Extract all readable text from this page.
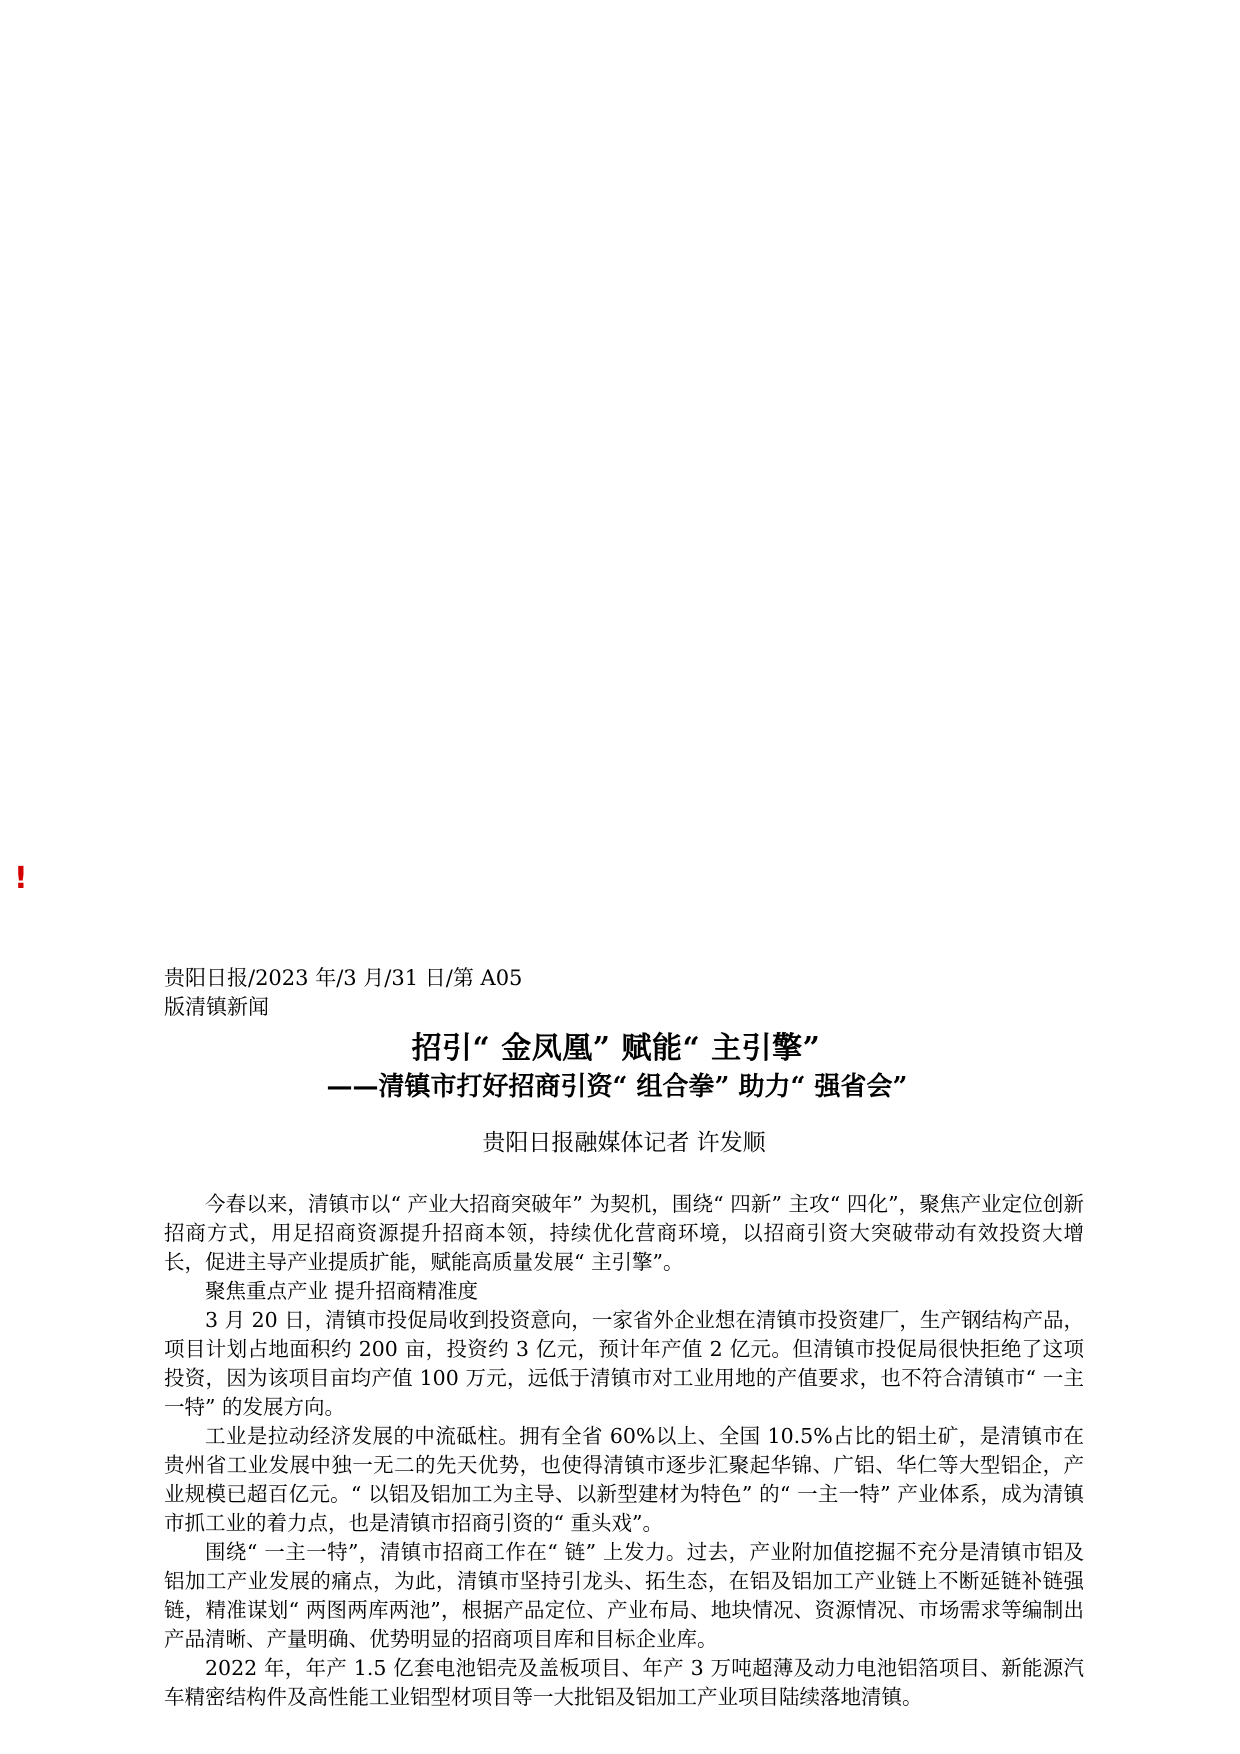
!
贵阳日报/2023 年/3 月/31 日/第 A05
版清镇新闻
招引“ 金凤凰” 赋能“ 主引擎”
——清镇市打好招商引资“ 组合拳” 助力“ 强省会”
贵阳日报融媒体记者 许发顺

今春以来，清镇市以“ 产业大招商突破年” 为契机，围绕“ 四新” 主攻“ 四化”，聚焦产业定位创新招商方式，用足招商资源提升招商本领，持续优化营商环境，以招商引资大突破带动有效投资大增长，促进主导产业提质扩能，赋能高质量发展“ 主引擎”。

聚焦重点产业 提升招商精准度

3 月 20 日，清镇市投促局收到投资意向，一家省外企业想在清镇市投资建厂，生产钢结构产品，项目计划占地面积约 200 亩，投资约 3 亿元，预计年产值 2 亿元。但清镇市投促局很快拒绝了这项投资，因为该项目亩均产值 100 万元，远低于清镇市对工业用地的产值要求，也不符合清镇市“ 一主一特” 的发展方向。

工业是拉动经济发展的中流砥柱。拥有全省 60%以上、全国 10.5%占比的铝土矿，是清镇市在贵州省工业发展中独一无二的先天优势，也使得清镇市逐步汇聚起华锦、广铝、华仁等大型铝企，产业规模已超百亿元。“ 以铝及铝加工为主导、以新型建材为特色” 的“ 一主一特” 产业体系，成为清镇市抓工业的着力点，也是清镇市招商引资的“ 重头戏”。

围绕“ 一主一特”，清镇市招商工作在“ 链” 上发力。过去，产业附加值挖掘不充分是清镇市铝及铝加工产业发展的痛点，为此，清镇市坚持引龙头、拓生态，在铝及铝加工产业链上不断延链补链强链，精准谋划“ 两图两库两池”，根据产品定位、产业布局、地块情况、资源情况、市场需求等编制出产品清晰、产量明确、优势明显的招商项目库和目标企业库。

2022 年，年产 1.5 亿套电池铝壳及盖板项目、年产 3 万吨超薄及动力电池铝箔项目、新能源汽车精密结构件及高性能工业铝型材项目等一大批铝及铝加工产业项目陆续落地清镇。
